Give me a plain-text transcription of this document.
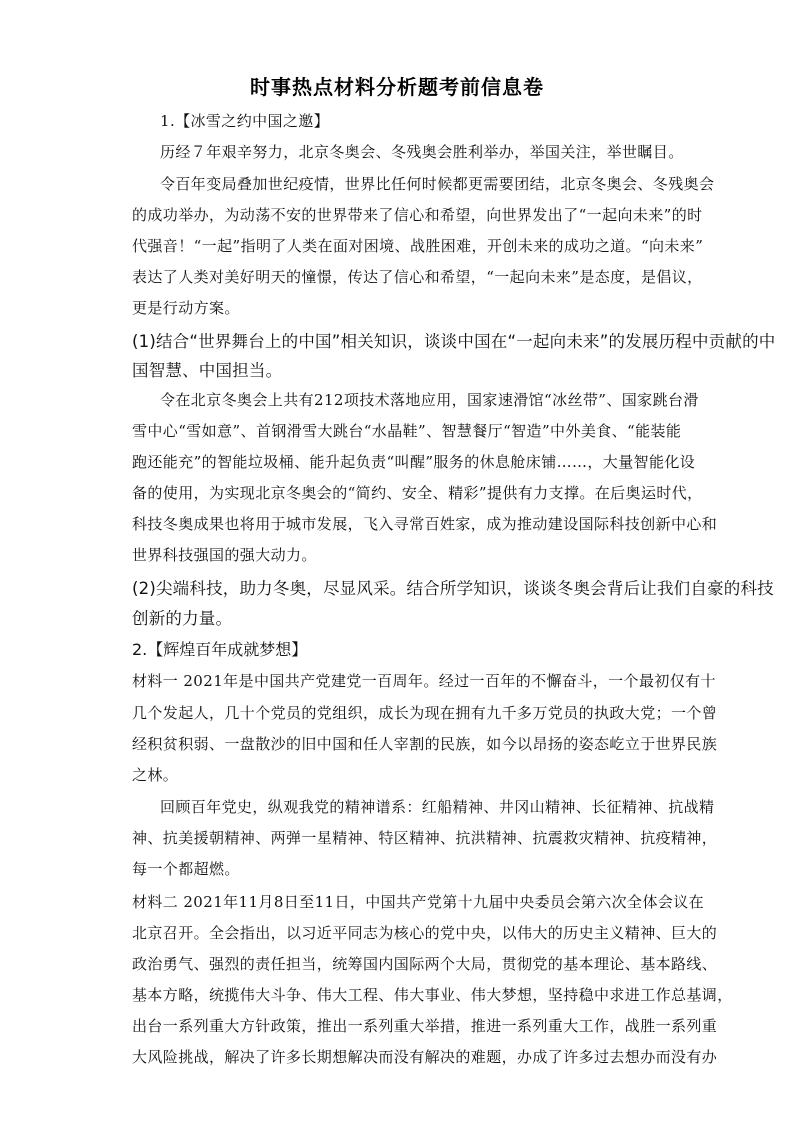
时事热点材料分析题考前信息卷
1.【冰雪之约中国之邀】
历经７年艰辛努力，北京冬奥会、冬残奥会胜利举办，举国关注，举世瞩目。
令百年变局叠加世纪疫情，世界比任何时候都更需要团结，北京冬奥会、冬残奥会
的成功举办，为动荡不安的世界带来了信心和希望，向世界发出了“一起向未来”的时
代强音！“一起”指明了人类在面对困境、战胜困难，开创未来的成功之道。“向未来”
表达了人类对美好明天的憧憬，传达了信心和希望，“一起向未来”是态度，是倡议，
更是行动方案。
(1)结合“世界舞台上的中国”相关知识，谈谈中国在“一起向未来”的发展历程中贡献的中
国智慧、中国担当。
令在北京冬奥会上共有212项技术落地应用，国家速滑馆“冰丝带”、国家跳台滑
雪中心“雪如意”、首钢滑雪大跳台“水晶鞋”、智慧餐厅“智造”中外美食、“能装能
跑还能充”的智能垃圾桶、能升起负责“叫醒”服务的休息舱床铺……，大量智能化设
备的使用，为实现北京冬奥会的“简约、安全、精彩”提供有力支撑。在后奥运时代，
科技冬奥成果也将用于城市发展，飞入寻常百姓家，成为推动建设国际科技创新中心和
世界科技强国的强大动力。
(2)尖端科技，助力冬奥，尽显风采。结合所学知识，谈谈冬奥会背后让我们自豪的科技
创新的力量。
2.【辉煌百年成就梦想】
材料一 2021年是中国共产党建党一百周年。经过一百年的不懈奋斗，一个最初仅有十
几个发起人，几十个党员的党组织，成长为现在拥有九千多万党员的执政大党；一个曾
经积贫积弱、一盘散沙的旧中国和任人宰割的民族，如今以昂扬的姿态屹立于世界民族
之林。
回顾百年党史，纵观我党的精神谱系：红船精神、井冈山精神、长征精神、抗战精
神、抗美援朝精神、两弹一星精神、特区精神、抗洪精神、抗震救灾精神、抗疫精神，
每一个都超燃。
材料二 2021年11月8日至11日，中国共产党第十九届中央委员会第六次全体会议在
北京召开。全会指出，以习近平同志为核心的党中央，以伟大的历史主义精神、巨大的
政治勇气、强烈的责任担当，统筹国内国际两个大局，贯彻党的基本理论、基本路线、
基本方略，统揽伟大斗争、伟大工程、伟大事业、伟大梦想，坚持稳中求进工作总基调，
出台一系列重大方针政策，推出一系列重大举措，推进一系列重大工作，战胜一系列重
大风险挑战，解决了许多长期想解决而没有解决的难题，办成了许多过去想办而没有办
